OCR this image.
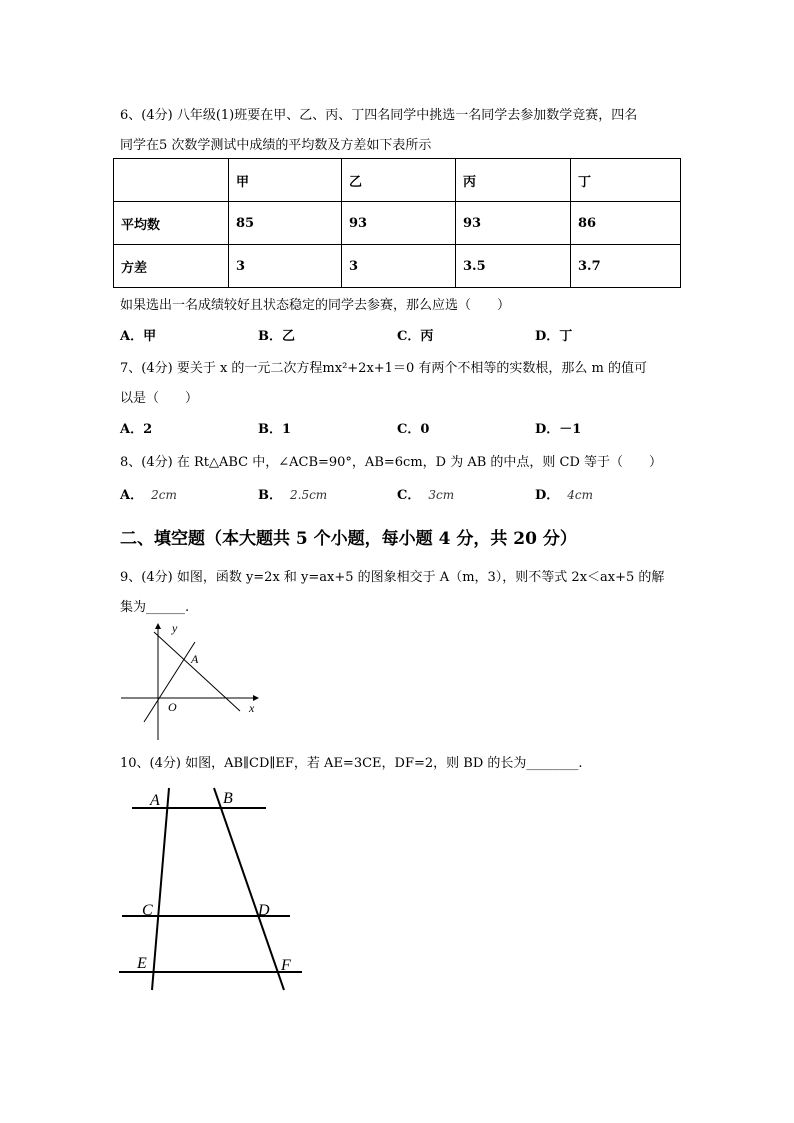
6、(4分) 八年级(1)班要在甲、乙、丙、丁四名同学中挑选一名同学去参加数学竞赛，四名
同学在5 次数学测试中成绩的平均数及方差如下表所示
	甲	乙	丙	丁
平均数	85	93	93	86
方差	3	3	3.5	3.7
如果选出一名成绩较好且状态稳定的同学去参赛，那么应选（　　）
A．甲	B．乙	C．丙	D．丁
7、(4分) 要关于 x 的一元二次方程mx²+2x+1＝0 有两个不相等的实数根，那么 m 的值可
以是（　　）
A．2	B．1	C．0	D．－1
8、(4分) 在 Rt△ABC 中，∠ACB=90°，AB=6cm，D 为 AB 的中点，则 CD 等于（　　）
A． 2cm	B． 2.5cm	C． 3cm	D． 4cm
二、填空题（本大题共 5 个小题，每小题 4 分，共 20 分）
9、(4分) 如图，函数 y=2x 和 y=ax+5 的图象相交于 A（m，3），则不等式 2x＜ax+5 的解
集为______.
y
x
O
A
10、(4分) 如图，AB∥CD∥EF，若 AE=3CE，DF=2，则 BD 的长为________.
A	B
C	D
E	F
